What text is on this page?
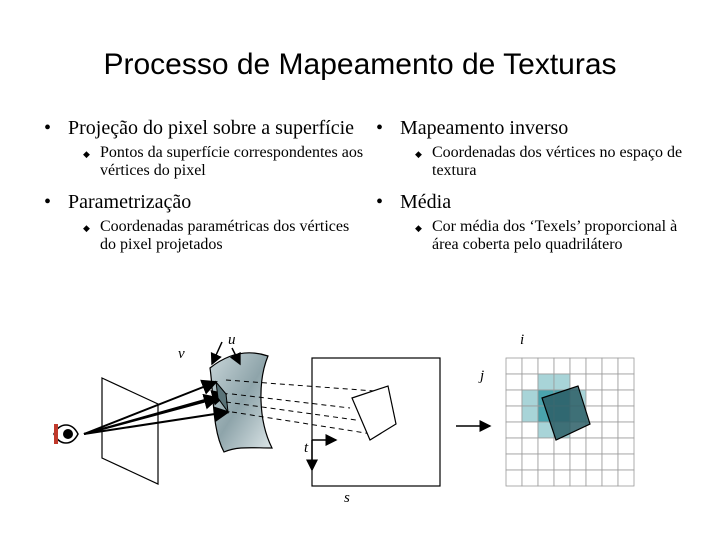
Processo de Mapeamento de Texturas
• Projeção do pixel sobre a superfície
◆ Pontos da superfície correspondentes aos vértices do pixel
• Parametrização
◆ Coordenadas paramétricas dos vértices do pixel projetados
• Mapeamento inverso
◆ Coordenadas dos vértices no espaço de textura
• Média
◆ Cor média dos ‘Texels’ proporcional à área coberta pelo quadrilátero
u
v
t
s
i
j
